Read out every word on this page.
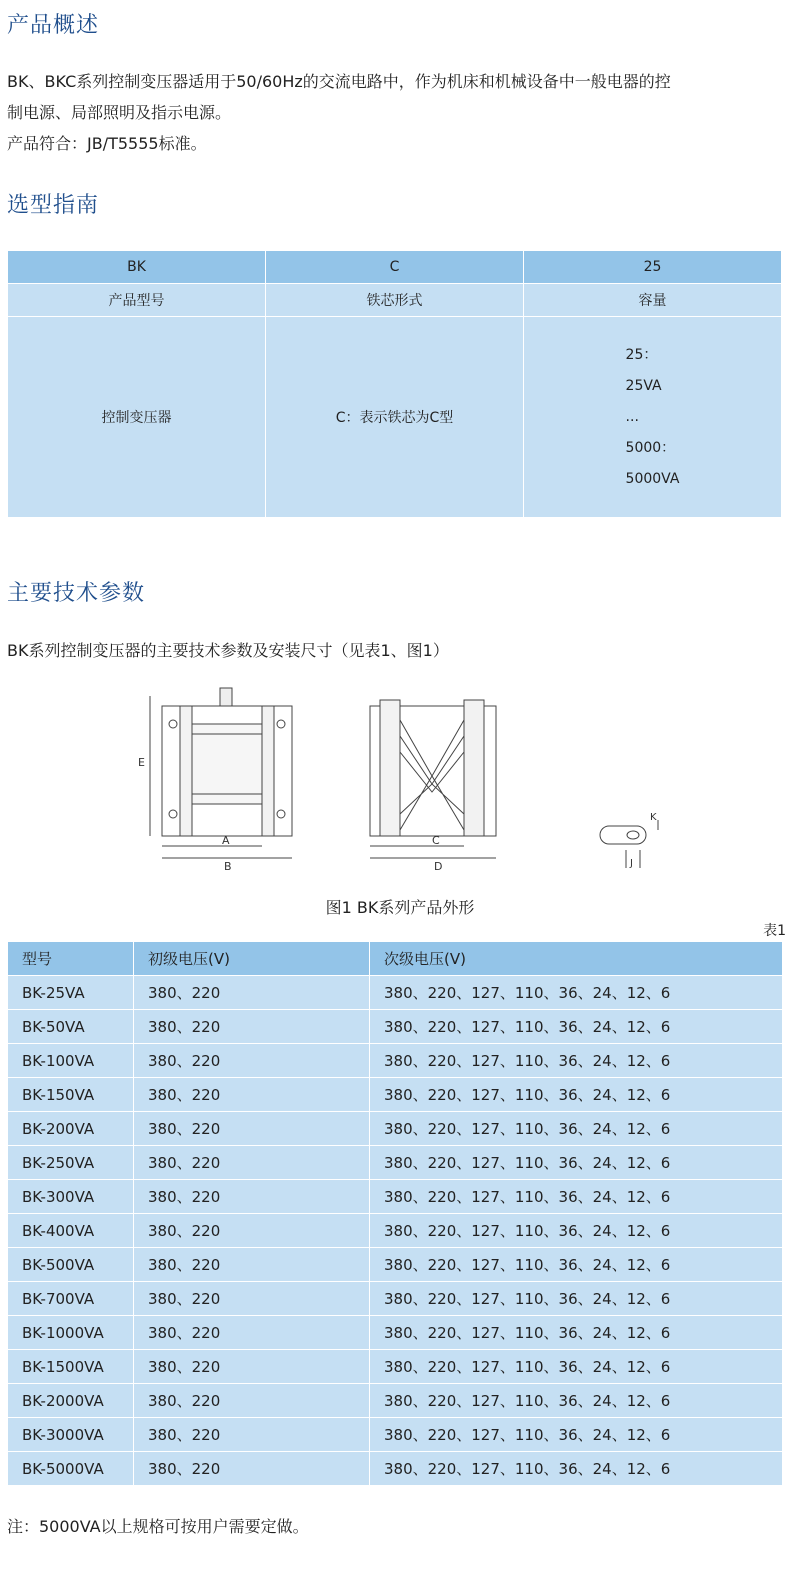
产品概述
BK、BKC系列控制变压器适用于50/60Hz的交流电路中，作为机床和机械设备中一般电器的控
制电源、局部照明及指示电源。
产品符合：JB/T5555标准。
选型指南
BK	C	25
产品型号	铁芯形式	容量
控制变压器	C：表示铁芯为C型	25：
25VA
...
5000：
5000VA
主要技术参数
BK系列控制变压器的主要技术参数及安装尺寸（见表1、图1）
E
A
B
C
D	J
K
图1 BK系列产品外形
表1
型号	初级电压(V)	次级电压(V)
BK-25VA	380、220	380、220、127、110、36、24、12、6
BK-50VA	380、220	380、220、127、110、36、24、12、6
BK-100VA	380、220	380、220、127、110、36、24、12、6
BK-150VA	380、220	380、220、127、110、36、24、12、6
BK-200VA	380、220	380、220、127、110、36、24、12、6
BK-250VA	380、220	380、220、127、110、36、24、12、6
BK-300VA	380、220	380、220、127、110、36、24、12、6
BK-400VA	380、220	380、220、127、110、36、24、12、6
BK-500VA	380、220	380、220、127、110、36、24、12、6
BK-700VA	380、220	380、220、127、110、36、24、12、6
BK-1000VA	380、220	380、220、127、110、36、24、12、6
BK-1500VA	380、220	380、220、127、110、36、24、12、6
BK-2000VA	380、220	380、220、127、110、36、24、12、6
BK-3000VA	380、220	380、220、127、110、36、24、12、6
BK-5000VA	380、220	380、220、127、110、36、24、12、6
注：5000VA以上规格可按用户需要定做。
